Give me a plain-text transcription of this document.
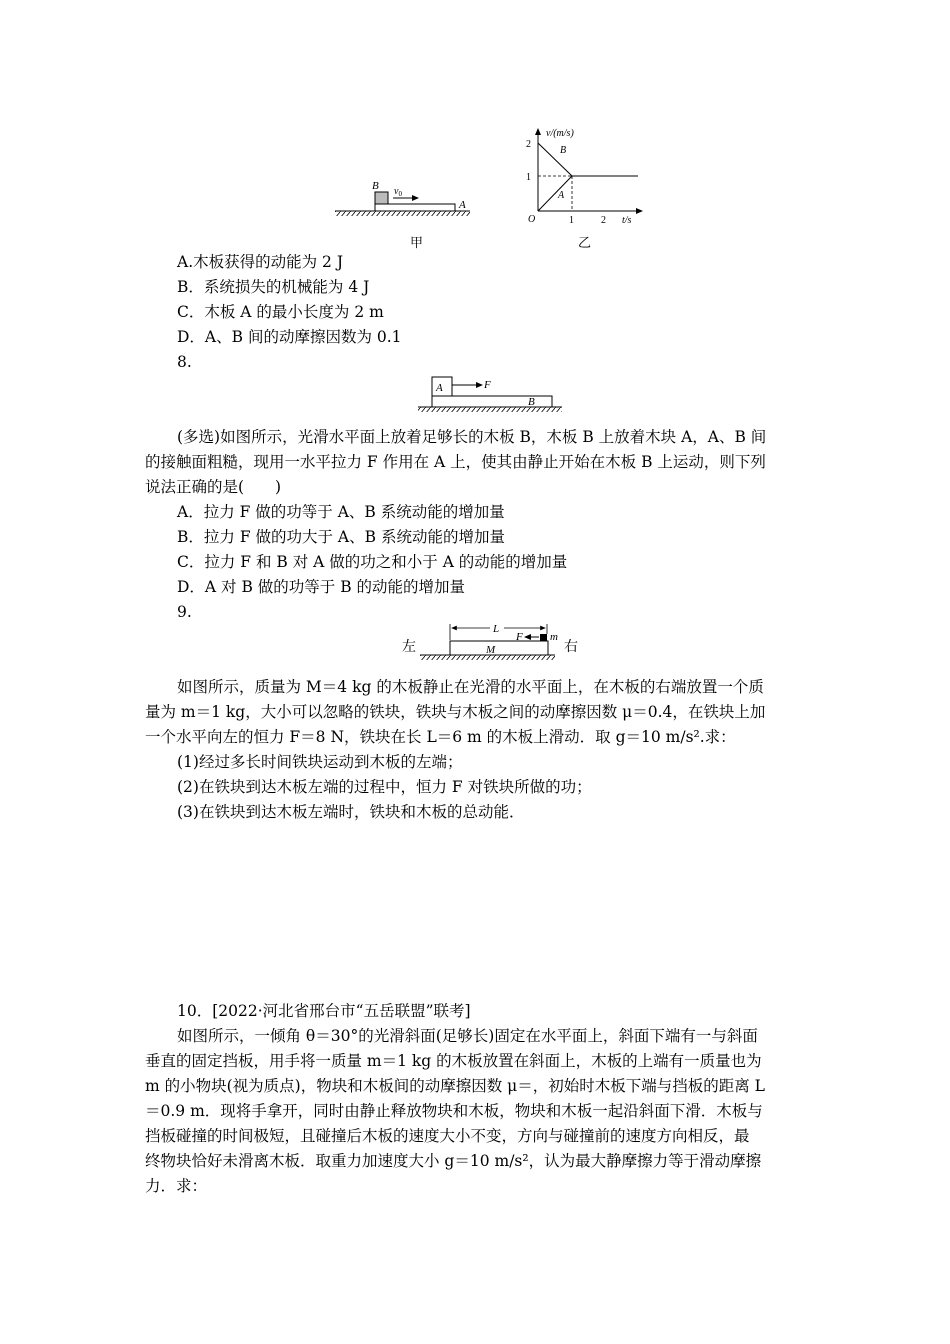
B $v_0$
A
甲
v/(m/s)
t/s
O
1
2
1	2
B
A
乙
A.木板获得的动能为 2 J
B．系统损失的机械能为 4 J
C．木板 A 的最小长度为 2 m
D．A、B 间的动摩擦因数为 0.1
8.
A	F
B
(多选)如图所示，光滑水平面上放着足够长的木板 B，木板 B 上放着木块 A，A、B 间
的接触面粗糙，现用一水平拉力 F 作用在 A 上，使其由静止开始在木板 B 上运动，则下列
说法正确的是(　　)
A．拉力 F 做的功等于 A、B 系统动能的增加量
B．拉力 F 做的功大于 A、B 系统动能的增加量
C．拉力 F 和 B 对 A 做的功之和小于 A 的动能的增加量
D．A 对 B 做的功等于 B 的动能的增加量
9.
左	右
M
m
F
L
如图所示，质量为 M＝4 kg 的木板静止在光滑的水平面上，在木板的右端放置一个质
量为 m＝1 kg，大小可以忽略的铁块，铁块与木板之间的动摩擦因数 μ＝0.4，在铁块上加
一个水平向左的恒力 F＝8 N，铁块在长 L＝6 m 的木板上滑动．取 g＝10 m/s².求：
(1)经过多长时间铁块运动到木板的左端；
(2)在铁块到达木板左端的过程中，恒力 F 对铁块所做的功；
(3)在铁块到达木板左端时，铁块和木板的总动能．
10．[2022·河北省邢台市“五岳联盟”联考]
如图所示，一倾角 θ＝30°的光滑斜面(足够长)固定在水平面上，斜面下端有一与斜面
垂直的固定挡板，用手将一质量 m＝1 kg 的木板放置在斜面上，木板的上端有一质量也为
m 的小物块(视为质点)，物块和木板间的动摩擦因数 μ＝，初始时木板下端与挡板的距离 L
＝0.9 m．现将手拿开，同时由静止释放物块和木板，物块和木板一起沿斜面下滑．木板与
挡板碰撞的时间极短，且碰撞后木板的速度大小不变，方向与碰撞前的速度方向相反，最
终物块恰好未滑离木板．取重力加速度大小 g＝10 m/s²，认为最大静摩擦力等于滑动摩擦
力．求：
